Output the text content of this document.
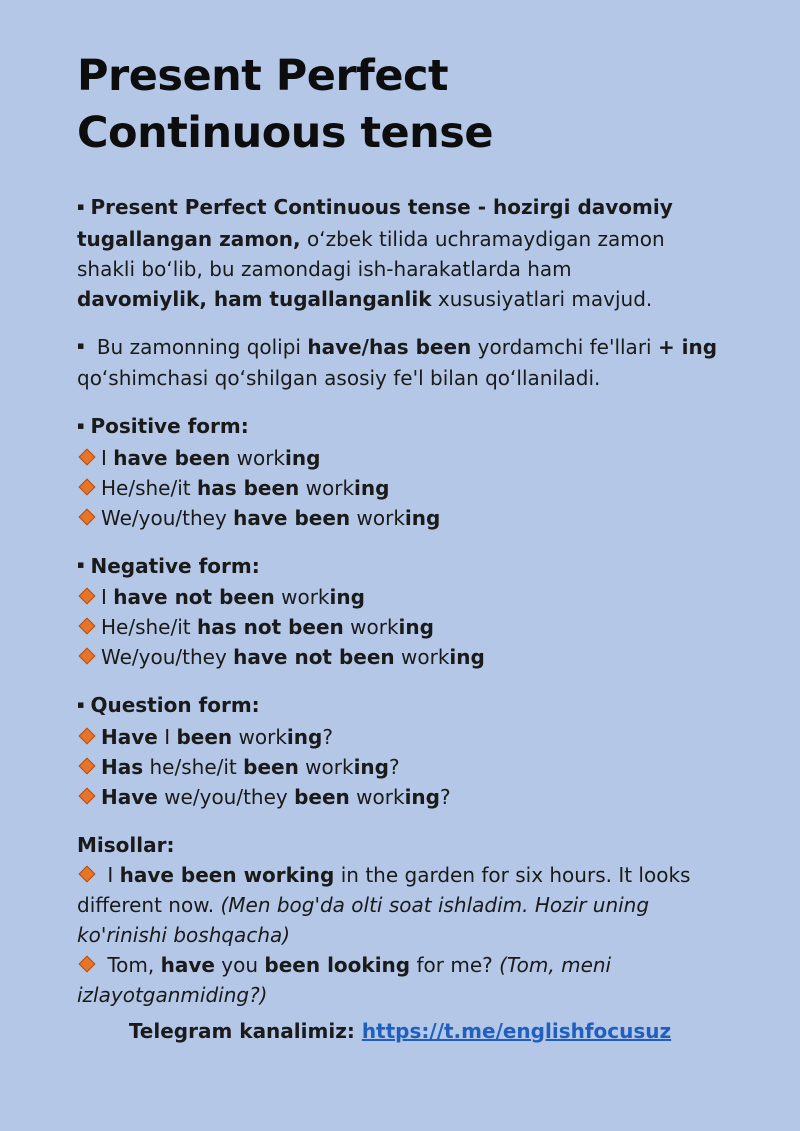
Present Perfect
Continuous tense
▪ Present Perfect Continuous tense - hozirgi davomiy
tugallangan zamon, oʻzbek tilida uchramaydigan zamon
shakli boʻlib, bu zamondagi ish-harakatlarda ham
davomiylik, ham tugallanganlik xususiyatlari mavjud.
▪ Bu zamonning qolipi have/has been yordamchi fe'llari + ing
qoʻshimchasi qoʻshilgan asosiy fe'l bilan qoʻllaniladi.
▪ Positive form:
I have been working
He/she/it has been working
We/you/they have been working
▪ Negative form:
I have not been working
He/she/it has not been working
We/you/they have not been working
▪ Question form:
Have I been working?
Has he/she/it been working?
Have we/you/they been working?
Misollar:
I have been working in the garden for six hours. It looks
different now. (Men bog'da olti soat ishladim. Hozir uning
ko'rinishi boshqacha)
Tom, have you been looking for me? (Tom, meni
izlayotganmiding?)
Telegram kanalimiz: https://t.me/englishfocusuz
